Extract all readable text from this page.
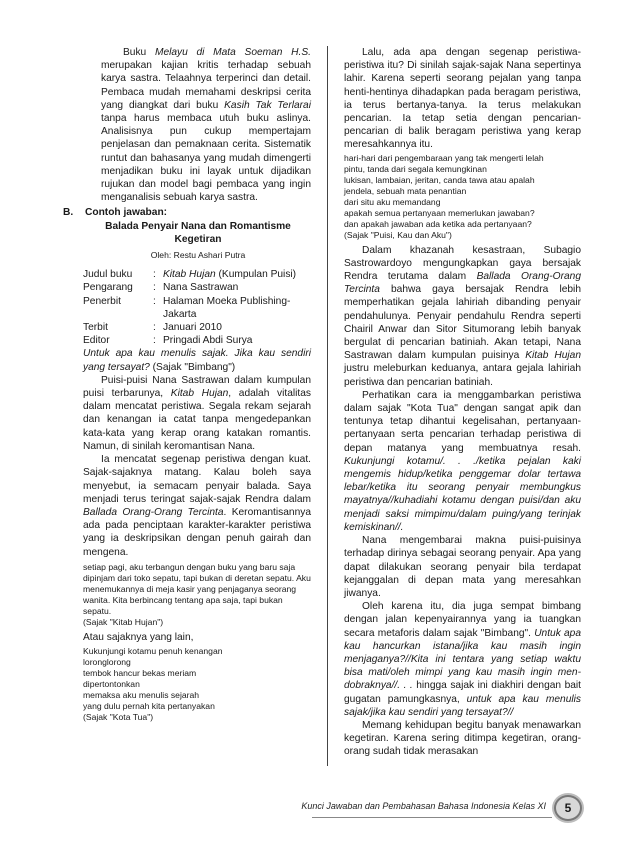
Buku Melayu di Mata Soeman H.S. merupakan kajian kritis terhadap sebuah karya sastra. Telaahnya terperinci dan detail. Pembaca mudah memahami deskripsi cerita yang diangkat dari buku Kasih Tak Terlarai tanpa harus membaca utuh buku aslinya. Analisisnya pun cukup mempertajam penjelasan dan pemaknaan cerita. Sistematik runtut dan bahasanya yang mudah dimengerti menjadikan buku ini layak untuk dijadikan rujukan dan model bagi pembaca yang ingin menganalisis sebuah karya sastra.

B.	Contoh jawaban:
Balada Penyair Nana dan Romantisme
Kegetiran
Oleh: Restu Ashari Putra
Judul buku	:	Kitab Hujan (Kumpulan Puisi)
Pengarang	:	Nana Sastrawan
Penerbit	:	Halaman Moeka Publishing-Jakarta
Terbit	:	Januari 2010
Editor	:	Pringadi Abdi Surya

Untuk apa kau menulis sajak. Jika kau sendiri yang tersayat? (Sajak "Bimbang")

Puisi-puisi Nana Sastrawan dalam kumpulan puisi terbarunya, Kitab Hujan, adalah vitalitas dalam mencatat peristiwa. Segala rekam sejarah dan kenangan ia catat tanpa mengedepankan kata-kata yang kerap orang katakan romantis. Namun, di sinilah keromantisan Nana.

Ia mencatat segenap peristiwa dengan kuat. Sajak-sajaknya matang. Kalau boleh saya menyebut, ia semacam penyair balada. Saya menjadi terus teringat sajak-sajak Rendra dalam Ballada Orang-Orang Tercinta. Keromantisannya ada pada penciptaan karakter-karakter peristiwa yang ia deskripsikan dengan penuh gairah dan mengena.

setiap pagi, aku terbangun dengan buku yang baru saja
dipinjam dari toko sepatu, tapi bukan di deretan sepatu. Aku
menemukannya di meja kasir yang penjaganya seorang
wanita. Kita berbincang tentang apa saja, tapi bukan sepatu.
(Sajak "Kitab Hujan")

Atau sajaknya yang lain,

Kukunjungi kotamu penuh kenangan
loronglorong
tembok hancur bekas meriam
dipertontonkan
memaksa aku menulis sejarah
yang dulu pernah kita pertanyakan
(Sajak "Kota Tua")

Lalu, ada apa dengan segenap peristiwa-peristiwa itu? Di sinilah sajak-sajak Nana sepertinya lahir. Karena seperti seorang pejalan yang tanpa henti-hentinya dihadapkan pada beragam peristiwa, ia terus bertanya-tanya. Ia terus melakukan pencarian. Ia tetap setia dengan pencarian-pencarian di balik beragam peristiwa yang kerap meresahkannya itu.

hari-hari dari pengembaraan yang tak mengerti lelah
pintu, tanda dari segala kemungkinan
lukisan, lambaian, jeritan, canda tawa atau apalah
jendela, sebuah mata penantian
dari situ aku memandang
apakah semua pertanyaan memerlukan jawaban?
dan apakah jawaban ada ketika ada pertanyaan?
(Sajak "Puisi, Kau dan Aku")

Dalam khazanah kesastraan, Subagio Sastrowardoyo mengungkapkan gaya bersajak Rendra terutama dalam Ballada Orang-Orang Tercinta bahwa gaya bersajak Rendra lebih memperhatikan gejala lahiriah dibanding penyair pendahulunya. Penyair pendahulu Rendra seperti Chairil Anwar dan Sitor Situmorang lebih banyak bergulat di pencarian batiniah. Akan tetapi, Nana Sastrawan dalam kumpulan puisinya Kitab Hujan justru meleburkan keduanya, antara gejala lahiriah peristiwa dan pencarian batiniah.

Perhatikan cara ia menggambarkan peristiwa dalam sajak "Kota Tua" dengan sangat apik dan tentunya tetap dihantui kegelisahan, pertanyaan-pertanyaan serta pencarian terhadap peristiwa di depan matanya yang membuatnya resah. Kukunjungi kotamu/. . ./ketika pejalan kaki mengemis hidup/ketika penggemar dolar tertawa lebar/ketika itu seorang penyair membungkus mayatnya//kuhadiahi kotamu dengan puisi/dan aku menjadi saksi mimpimu/dalam puing/yang terinjak kemiskinan//.

Nana mengembarai makna puisi-puisinya terhadap dirinya sebagai seorang penyair. Apa yang dapat dilakukan seorang penyair bila terdapat kejanggalan di depan mata yang meresahkan jiwanya.

Oleh karena itu, dia juga sempat bimbang dengan jalan kepenyairannya yang ia tuangkan secara metaforis dalam sajak "Bimbang". Untuk apa kau hancurkan istana/jika kau masih ingin menjaganya?//Kita ini tentara yang setiap waktu bisa mati/oleh mimpi yang kau masih ingin men-dobraknya//. . . hingga sajak ini diakhiri dengan bait gugatan pamungkasnya, untuk apa kau menulis sajak/jika kau sendiri yang tersayat?//

Memang kehidupan begitu banyak menawarkan kegetiran. Karena sering ditimpa kegetiran, orang-orang sudah tidak merasakan

Kunci Jawaban dan Pembahasan Bahasa Indonesia Kelas XI	5
